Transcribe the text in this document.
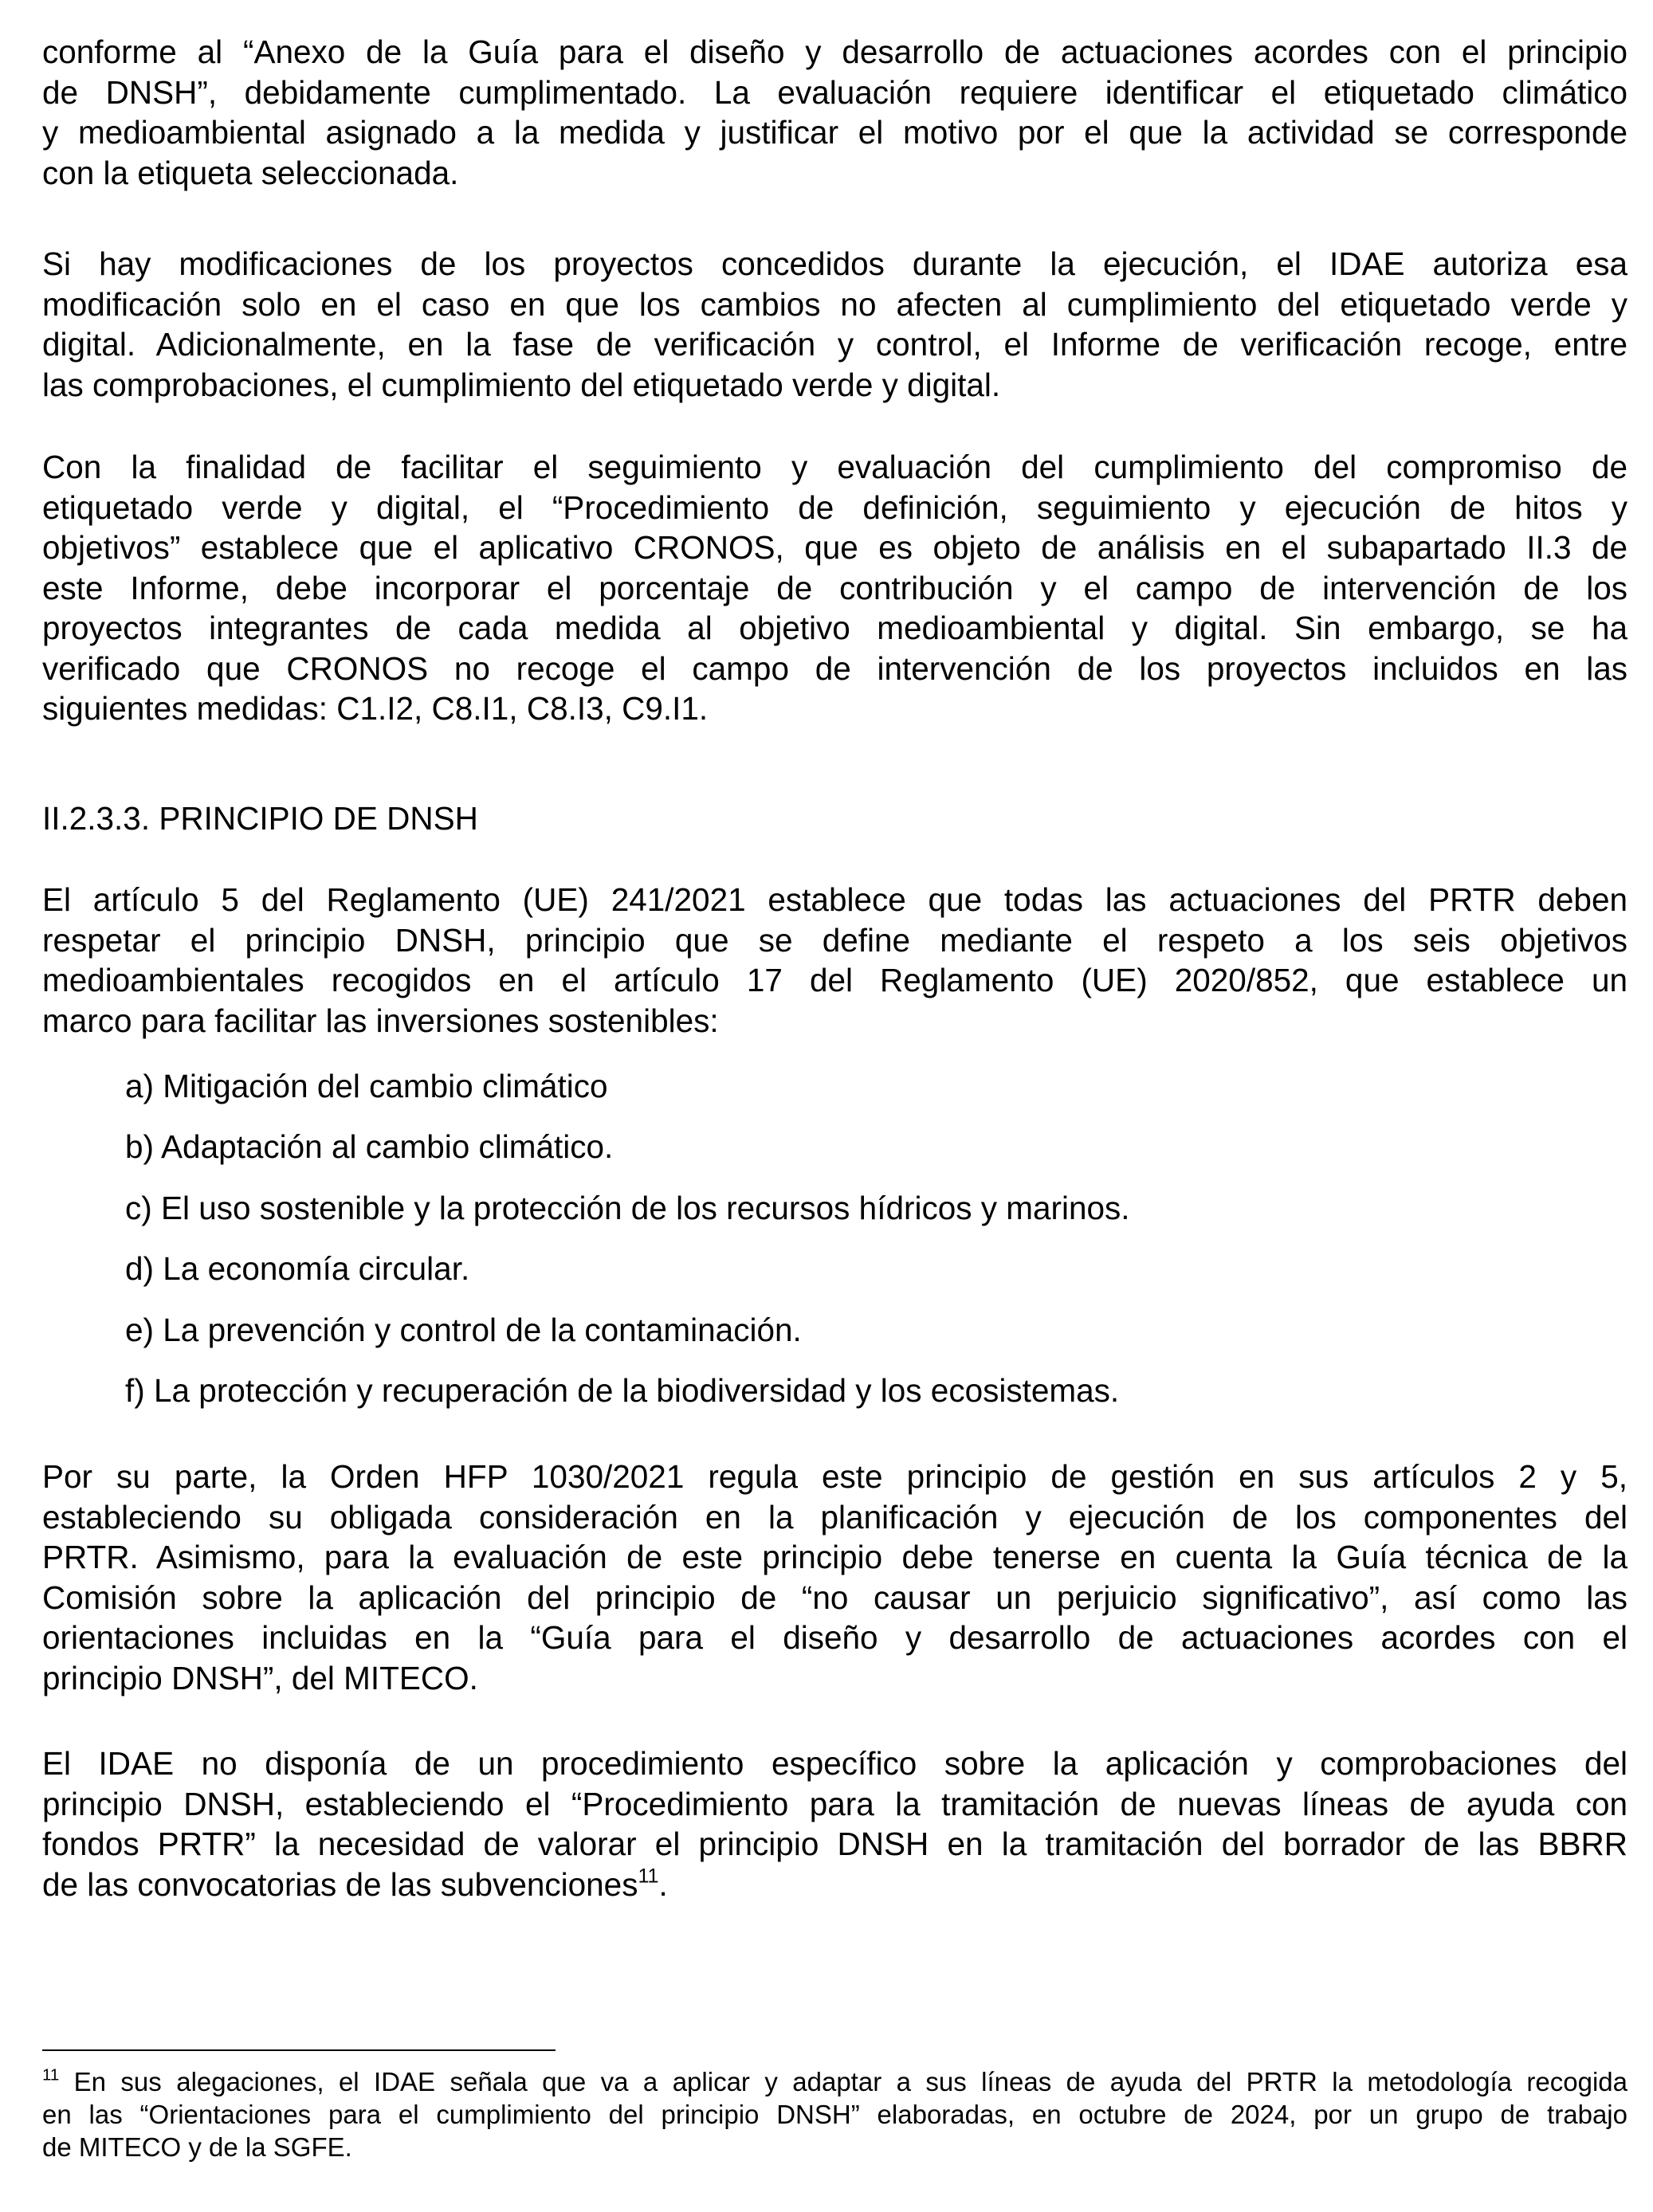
conforme al “Anexo de la Guía para el diseño y desarrollo de actuaciones acordes con el principio
de DNSH”, debidamente cumplimentado. La evaluación requiere identificar el etiquetado climático
y medioambiental asignado a la medida y justificar el motivo por el que la actividad se corresponde
con la etiqueta seleccionada.
Si hay modificaciones de los proyectos concedidos durante la ejecución, el IDAE autoriza esa
modificación solo en el caso en que los cambios no afecten al cumplimiento del etiquetado verde y
digital. Adicionalmente, en la fase de verificación y control, el Informe de verificación recoge, entre
las comprobaciones, el cumplimiento del etiquetado verde y digital.
Con la finalidad de facilitar el seguimiento y evaluación del cumplimiento del compromiso de
etiquetado verde y digital, el “Procedimiento de definición, seguimiento y ejecución de hitos y
objetivos” establece que el aplicativo CRONOS, que es objeto de análisis en el subapartado II.3 de
este Informe, debe incorporar el porcentaje de contribución y el campo de intervención de los
proyectos integrantes de cada medida al objetivo medioambiental y digital. Sin embargo, se ha
verificado que CRONOS no recoge el campo de intervención de los proyectos incluidos en las
siguientes medidas: C1.I2, C8.I1, C8.I3, C9.I1.
II.2.3.3. PRINCIPIO DE DNSH
El artículo 5 del Reglamento (UE) 241/2021 establece que todas las actuaciones del PRTR deben
respetar el principio DNSH, principio que se define mediante el respeto a los seis objetivos
medioambientales recogidos en el artículo 17 del Reglamento (UE) 2020/852, que establece un
marco para facilitar las inversiones sostenibles:
a) Mitigación del cambio climático
b) Adaptación al cambio climático.
c) El uso sostenible y la protección de los recursos hídricos y marinos.
d) La economía circular.
e) La prevención y control de la contaminación.
f) La protección y recuperación de la biodiversidad y los ecosistemas.
Por su parte, la Orden HFP 1030/2021 regula este principio de gestión en sus artículos 2 y 5,
estableciendo su obligada consideración en la planificación y ejecución de los componentes del
PRTR. Asimismo, para la evaluación de este principio debe tenerse en cuenta la Guía técnica de la
Comisión sobre la aplicación del principio de “no causar un perjuicio significativo”, así como las
orientaciones incluidas en la “Guía para el diseño y desarrollo de actuaciones acordes con el
principio DNSH”, del MITECO.
El IDAE no disponía de un procedimiento específico sobre la aplicación y comprobaciones del
principio DNSH, estableciendo el “Procedimiento para la tramitación de nuevas líneas de ayuda con
fondos PRTR” la necesidad de valorar el principio DNSH en la tramitación del borrador de las BBRR
de las convocatorias de las subvenciones$^{11}$.
$^{11}$ En sus alegaciones, el IDAE señala que va a aplicar y adaptar a sus líneas de ayuda del PRTR la metodología recogida
en las “Orientaciones para el cumplimiento del principio DNSH” elaboradas, en octubre de 2024, por un grupo de trabajo
de MITECO y de la SGFE.
